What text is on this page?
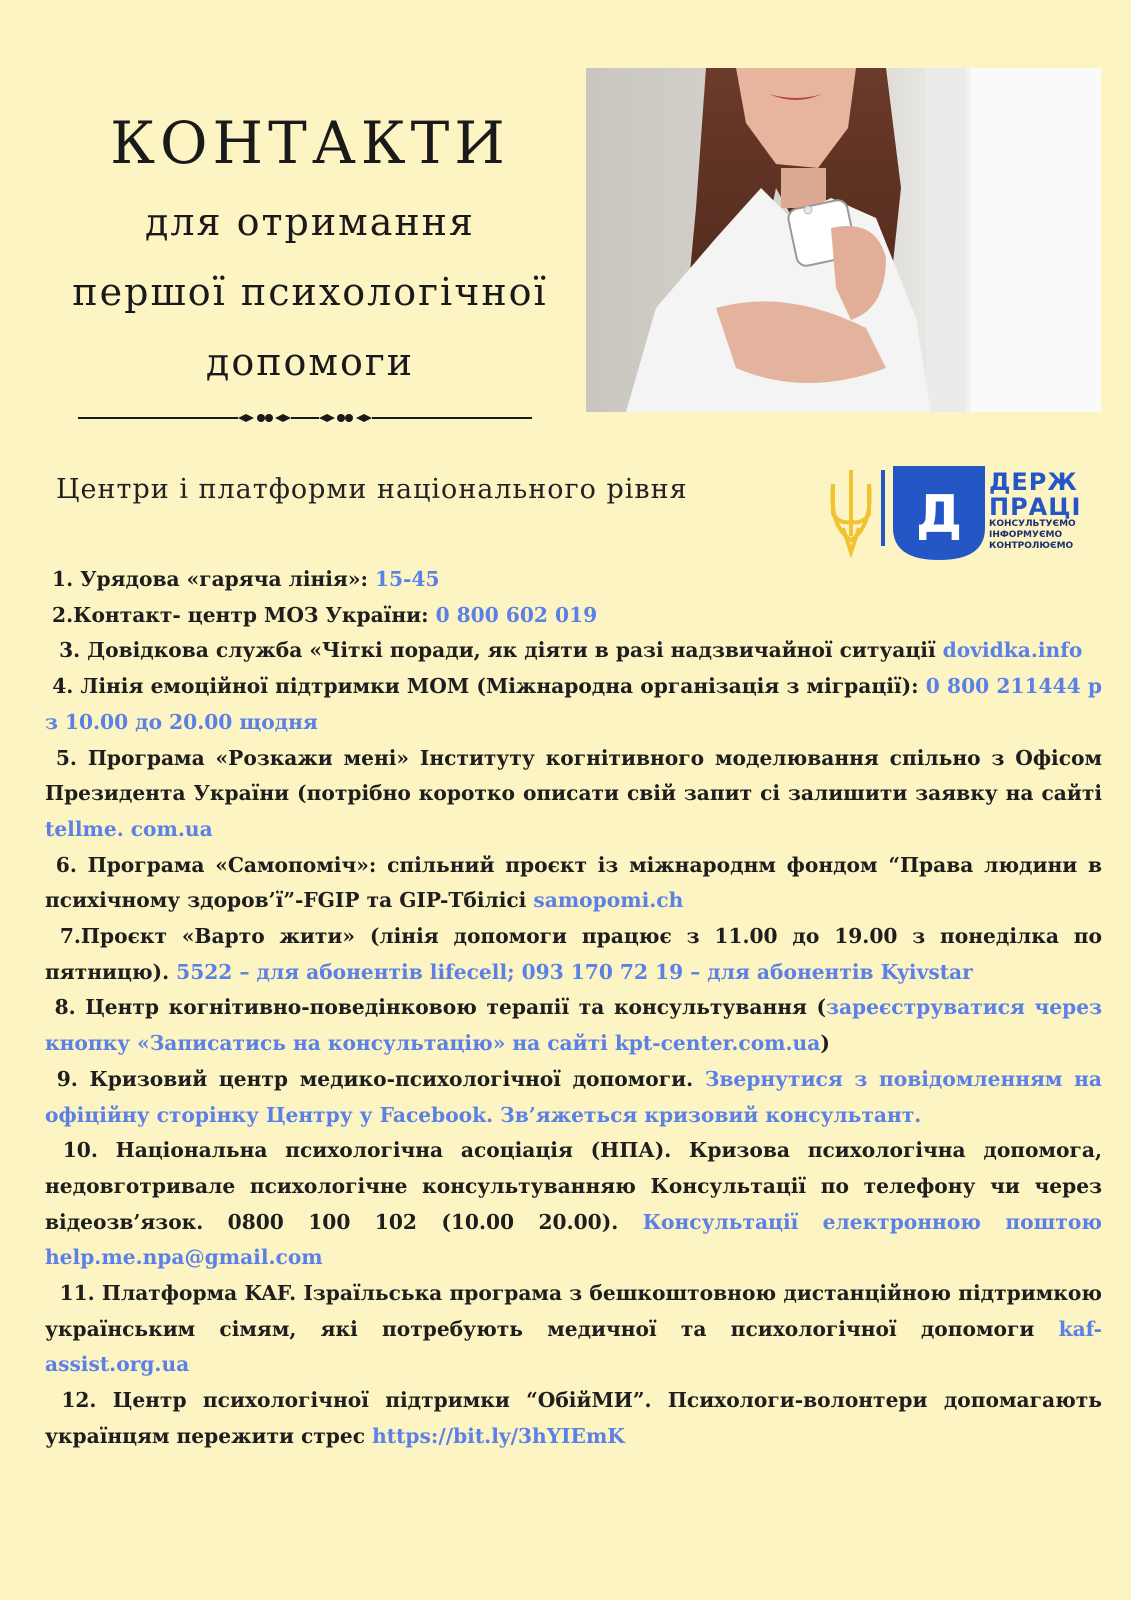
КОНТАКТИ
для отримання
першої психологічної
допомоги
Центри і платформи національного рівня	Д
ДЕРЖ
ПРАЦІ
КОНСУЛЬТУЄМО
ІНФОРМУЄМО
КОНТРОЛЮЄМО

1. Урядова «гаряча лінія»: 15-45

2.Контакт- центр МОЗ України: 0 800 602 019

3. Довідкова служба «Чіткі поради, як діяти в разі надзвичайної ситуації dovidka.info

4. Лінія емоційної підтримки МОМ (Міжнародна організація з міграції): 0 800 211444 р з 10.00 до 20.00 щодня

5. Програма «Розкажи мені» Інституту когнітивного моделювання спільно з Офісом Президента України (потрібно коротко описати свій запит сі залишити заявку на сайті tellme. com.ua

6. Програма «Самопоміч»: спільний проєкт із міжнароднм фондом “Права людини в психічному здоров’ї”-FGIP та GIP-Тбілісі samopomi.ch

7.Проєкт «Варто жити» (лінія допомоги працює з 11.00 до 19.00 з понеділка по пятницю). 5522 – для абонентів lifecell; 093 170 72 19 – для абонентів Kyivstar

8. Центр когнітивно-поведінковою терапії та консультування (зареєструватися через кнопку «Записатись на консультацію» на сайті kpt-center.com.ua)

9. Кризовий центр медико-психологічної допомоги. Звернутися з повідомленням на офіційну сторінку Центру у Facebook. Зв’яжеться кризовий консультант.

10. Національна психологічна асоціація (НПА). Кризова психологічна допомога, недовготривале психологічне консультуванняю Консультації по телефону чи через відеозв’язок. 0800 100 102 (10.00 20.00). Консультації електронною поштою help.me.npa@gmail.com

11. Платформа KAF. Ізраїльська програма з бешкоштовною дистанційною підтримкою українським сімям, які потребують медичної та психологічної допомоги kaf-assist.org.ua

12. Центр психологічної підтримки “ОбійМИ”. Психологи-волонтери допомагають українцям пережити стрес https://bit.ly/3hYIEmK
